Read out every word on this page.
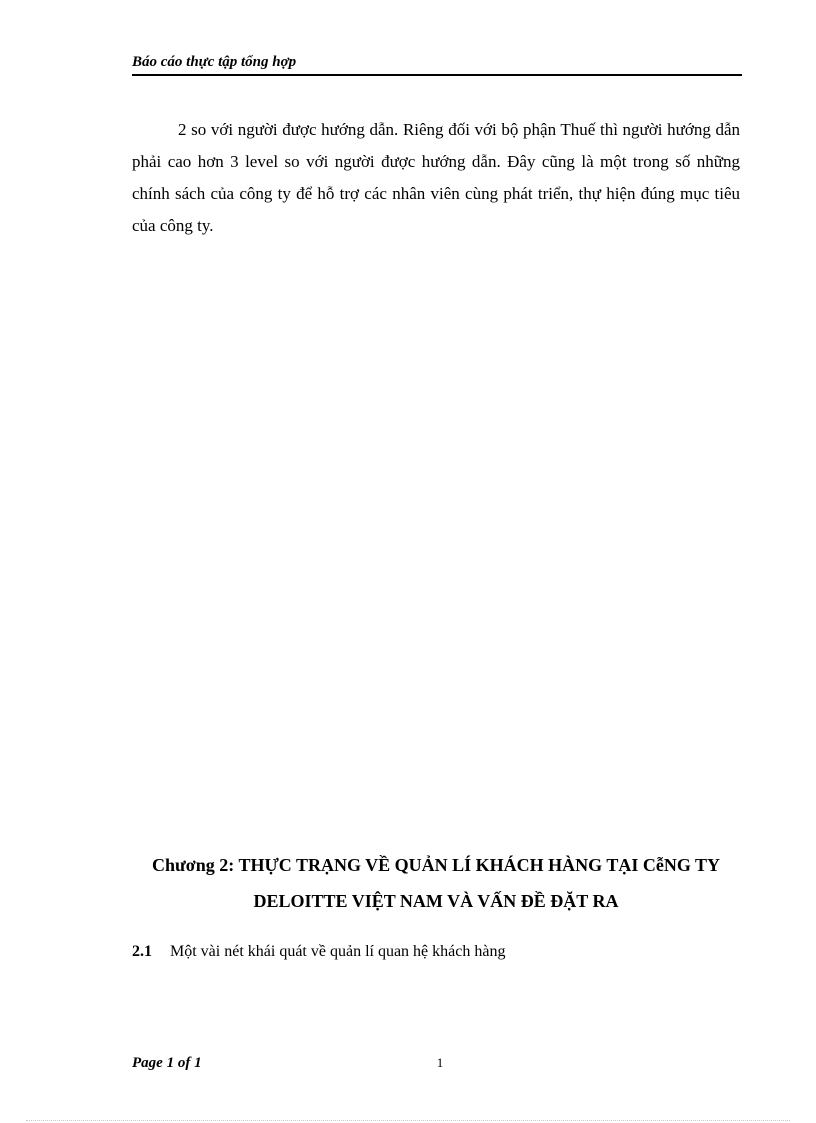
Báo cáo thực tập tổng hợp

2 so với người được hướng dẫn. Riêng đối với bộ phận Thuế thì người hướng dẫn phải cao hơn 3 level so với người được hướng dẫn. Đây cũng là một trong số những chính sách của công ty để hỗ trợ các nhân viên cùng phát triển, thự hiện đúng mục tiêu của công ty.

Chương 2: THỰC TRẠNG VỀ QUẢN LÍ KHÁCH HÀNG TẠI CễNG TY
DELOITTE VIỆT NAM VÀ VẤN ĐỀ ĐẶT RA

2.1 Một vài nét khái quát về quản lí quan hệ khách hàng

Page 1 of 1	1
